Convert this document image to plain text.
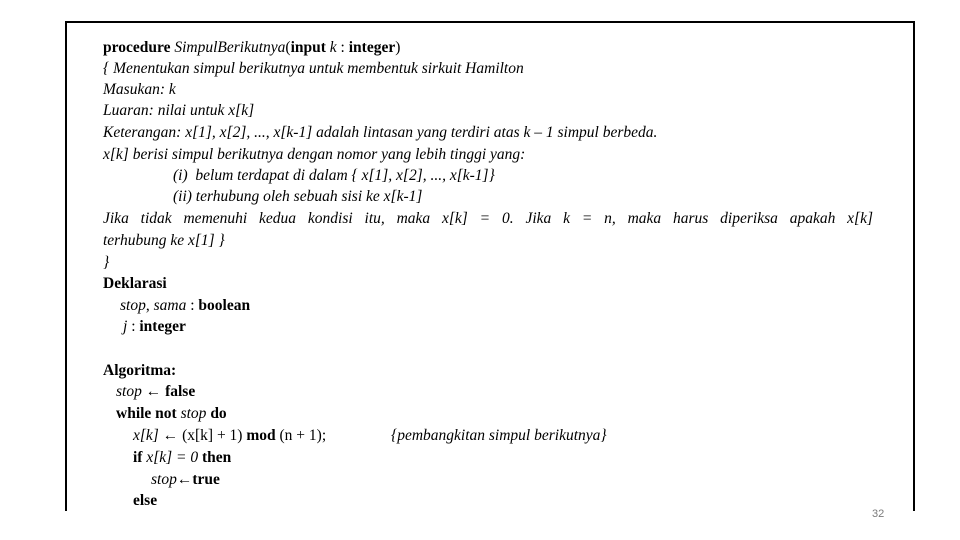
procedure SimpulBerikutnya(input k : integer)
{ Menentukan simpul berikutnya untuk membentuk sirkuit Hamilton
Masukan: k
Luaran: nilai untuk x[k]
Keterangan: x[1], x[2], ..., x[k-1] adalah lintasan yang terdiri atas k – 1 simpul berbeda.
x[k] berisi simpul berikutnya dengan nomor yang lebih tinggi yang:
(i)  belum terdapat di dalam { x[1], x[2], ..., x[k-1]}
(ii) terhubung oleh sebuah sisi ke x[k-1]
Jika tidak memenuhi kedua kondisi itu, maka x[k] = 0. Jika k = n, maka harus diperiksa apakah x[k]
terhubung ke x[1] }
}
Deklarasi
stop, sama : boolean
j : integer
Algoritma:
stop ← false
while not stop do
x[k] ← (x[k] + 1) mod (n + 1);	{pembangkitan simpul berikutnya}
if x[k] = 0 then
stop←true
else
32
